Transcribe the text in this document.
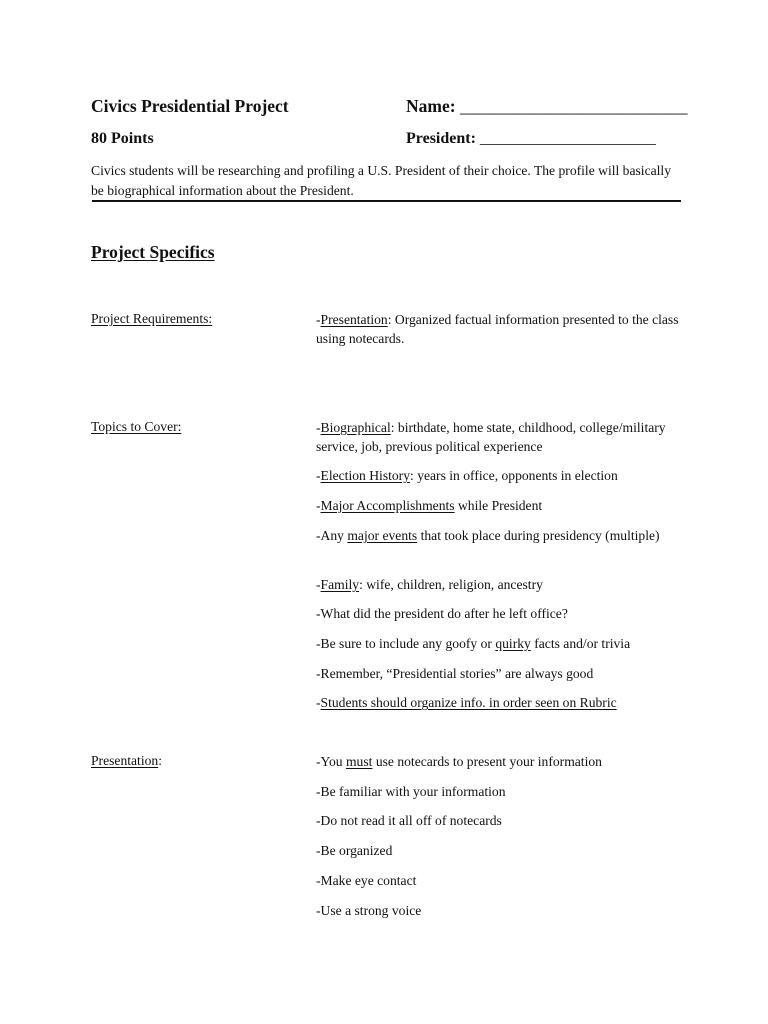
Civics Presidential Project	Name: __________________________
80 Points	President: ______________________
Civics students will be researching and profiling a U.S. President of their choice. The profile will basically be biographical information about the President.
Project Specifics
Project Requirements:	-Presentation: Organized factual information presented to the class using notecards.
Topics to Cover:	-Biographical: birthdate, home state, childhood, college/military service, job, previous political experience
-Election History: years in office, opponents in election
-Major Accomplishments while President
-Any major events that took place during presidency (multiple)
-Family: wife, children, religion, ancestry
-What did the president do after he left office?
-Be sure to include any goofy or quirky facts and/or trivia
-Remember, “Presidential stories” are always good
-Students should organize info. in order seen on Rubric
Presentation:	-You must use notecards to present your information
-Be familiar with your information
-Do not read it all off of notecards
-Be organized
-Make eye contact
-Use a strong voice
